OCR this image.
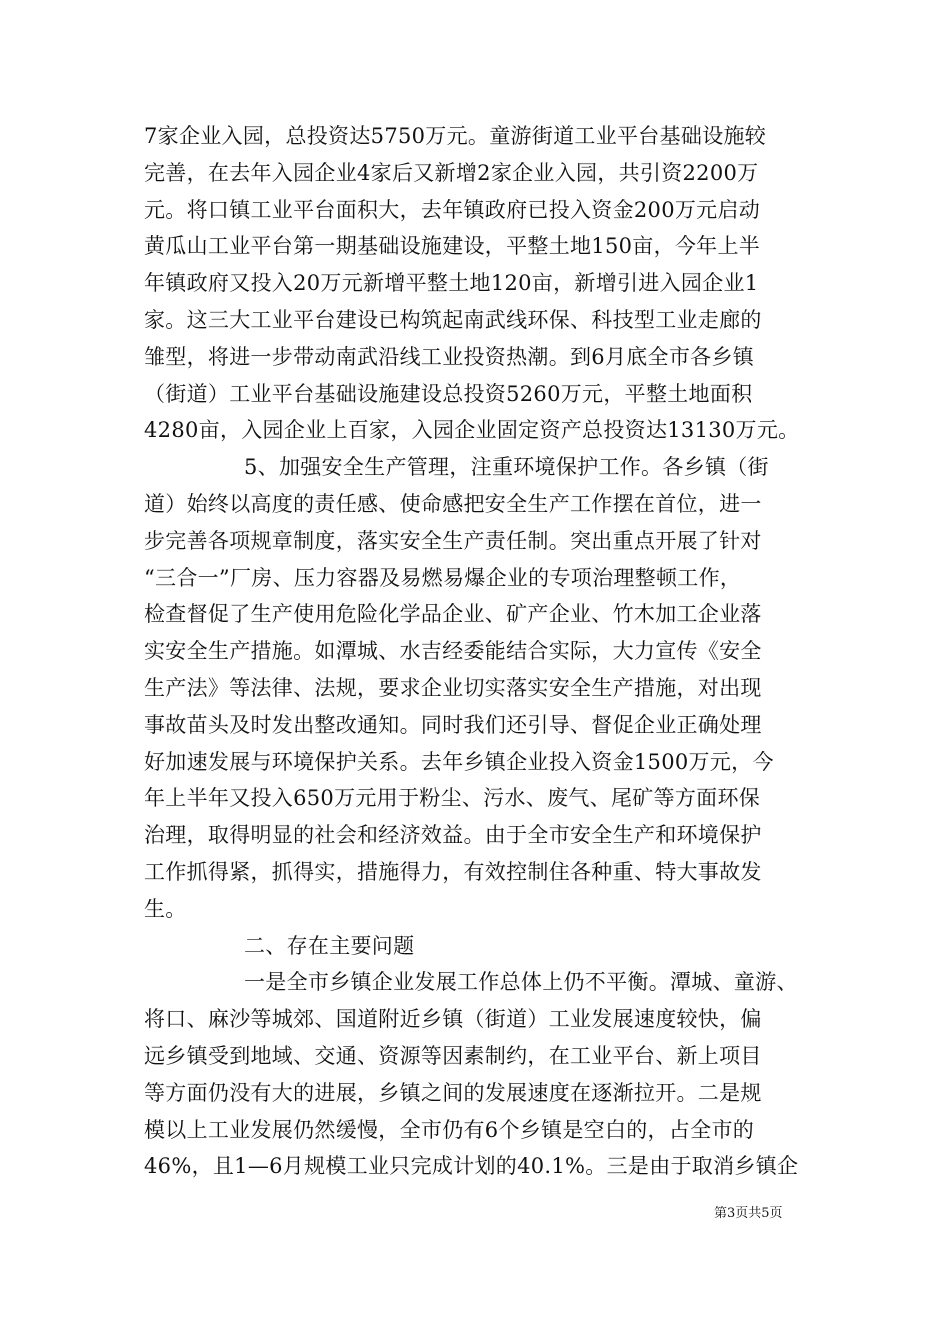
7家企业入园，总投资达5750万元。童游街道工业平台基础设施较
完善，在去年入园企业4家后又新增2家企业入园，共引资2200万
元。将口镇工业平台面积大，去年镇政府已投入资金200万元启动
黄瓜山工业平台第一期基础设施建设，平整土地150亩，今年上半
年镇政府又投入20万元新增平整土地120亩，新增引进入园企业1
家。这三大工业平台建设已构筑起南武线环保、科技型工业走廊的
雏型，将进一步带动南武沿线工业投资热潮。到6月底全市各乡镇
（街道）工业平台基础设施建设总投资5260万元，平整土地面积
4280亩，入园企业上百家，入园企业固定资产总投资达13130万元。
5、加强安全生产管理，注重环境保护工作。各乡镇（街
道）始终以高度的责任感、使命感把安全生产工作摆在首位，进一
步完善各项规章制度，落实安全生产责任制。突出重点开展了针对
“三合一”厂房、压力容器及易燃易爆企业的专项治理整顿工作，
检查督促了生产使用危险化学品企业、矿产企业、竹木加工企业落
实安全生产措施。如潭城、水吉经委能结合实际，大力宣传《安全
生产法》等法律、法规，要求企业切实落实安全生产措施，对出现
事故苗头及时发出整改通知。同时我们还引导、督促企业正确处理
好加速发展与环境保护关系。去年乡镇企业投入资金1500万元，今
年上半年又投入650万元用于粉尘、污水、废气、尾矿等方面环保
治理，取得明显的社会和经济效益。由于全市安全生产和环境保护
工作抓得紧，抓得实，措施得力，有效控制住各种重、特大事故发
生。
二、存在主要问题
一是全市乡镇企业发展工作总体上仍不平衡。潭城、童游、
将口、麻沙等城郊、国道附近乡镇（街道）工业发展速度较快，偏
远乡镇受到地域、交通、资源等因素制约，在工业平台、新上项目
等方面仍没有大的进展，乡镇之间的发展速度在逐渐拉开。二是规
模以上工业发展仍然缓慢，全市仍有6个乡镇是空白的，占全市的
46%，且1—6月规模工业只完成计划的40.1%。三是由于取消乡镇企
第3页共5页
